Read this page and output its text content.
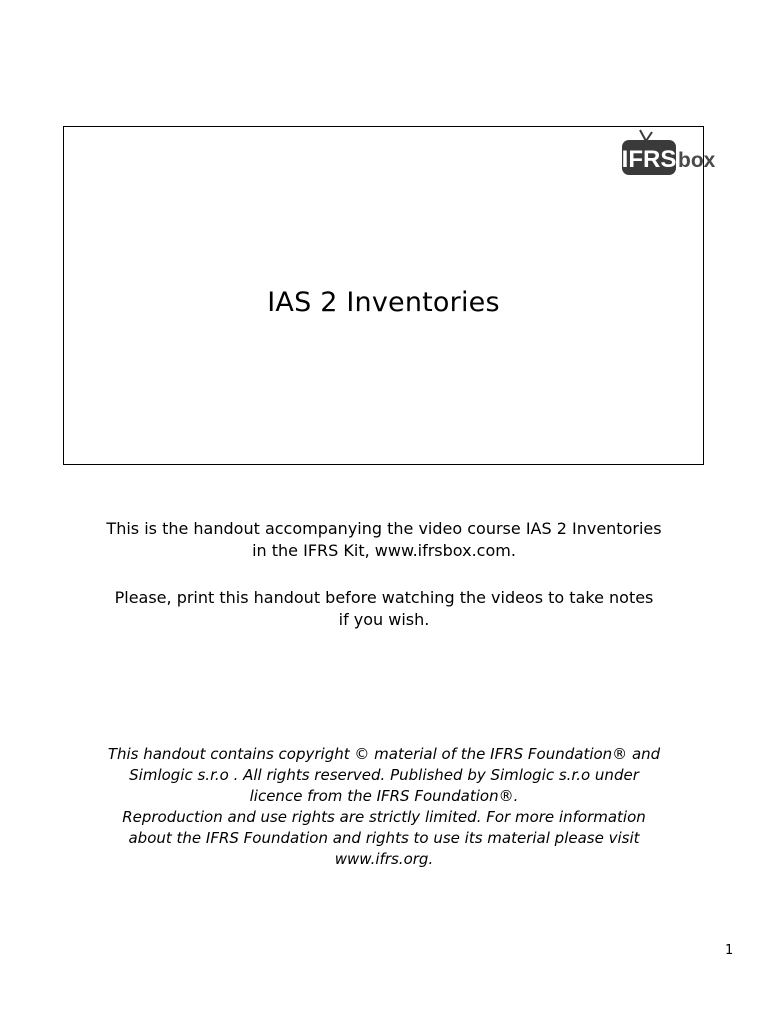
IFRS box
IAS 2 Inventories
This is the handout accompanying the video course IAS 2 Inventories
in the IFRS Kit, www.ifrsbox.com.
Please, print this handout before watching the videos to take notes
if you wish.
This handout contains copyright © material of the IFRS Foundation® and
Simlogic s.r.o . All rights reserved. Published by Simlogic s.r.o under
licence from the IFRS Foundation®.
Reproduction and use rights are strictly limited. For more information
about the IFRS Foundation and rights to use its material please visit
www.ifrs.org.
1
